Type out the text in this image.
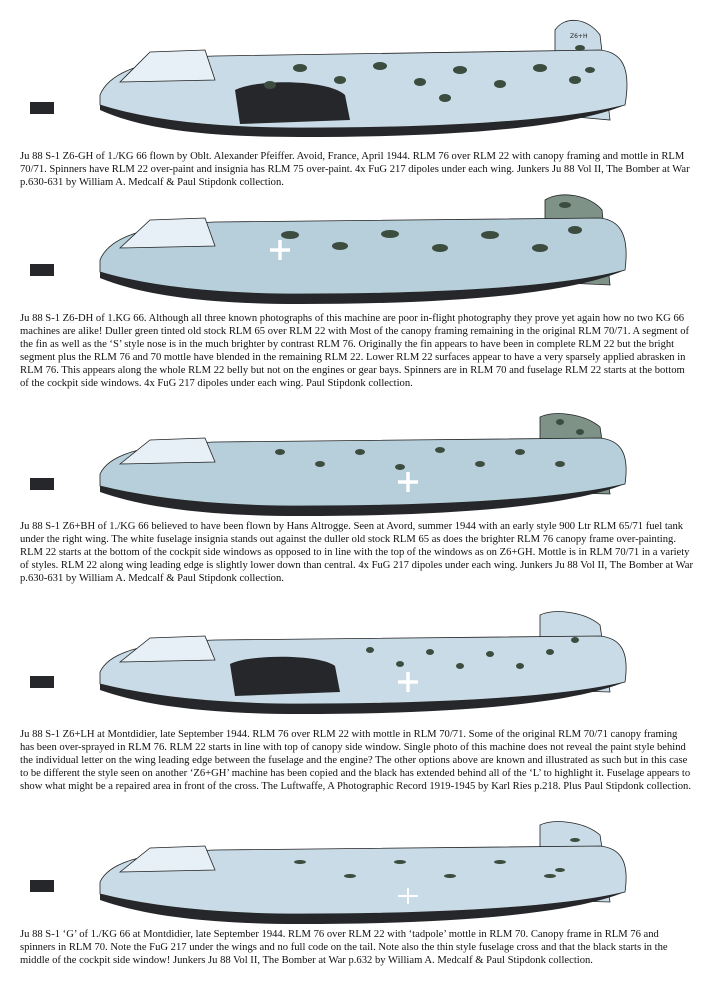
Z6+H

Ju 88 S-1 Z6-GH of 1./KG 66 flown by Oblt. Alexander Pfeiffer. Avoid, France, April 1944. RLM 76 over RLM 22 with canopy framing and mottle in RLM 70/71. Spinners have RLM 22 over-paint and insignia has RLM 75 over-paint. 4x FuG 217 dipoles under each wing. Junkers Ju 88 Vol II, The Bomber at War p.630-631 by William A. Medcalf & Paul Stipdonk collection.

Ju 88 S-1 Z6-DH of 1.KG 66. Although all three known photographs of this machine are poor in-flight photography they prove yet again how no two KG 66 machines are alike! Duller green tinted old stock RLM 65 over RLM 22 with Most of the canopy framing remaining in the original RLM 70/71. A segment of the fin as well as the ‘S’ style nose is in the much brighter by contrast RLM 76. Originally the fin appears to have been in complete RLM 22 but the bright segment plus the RLM 76 and 70 mottle have blended in the remaining RLM 22. Lower RLM 22 surfaces appear to have a very sparsely applied abrasken in RLM 76. This appears along the whole RLM 22 belly but not on the engines or gear bays. Spinners are in RLM 70 and fuselage RLM 22 starts at the bottom of the cockpit side windows. 4x FuG 217 dipoles under each wing. Paul Stipdonk collection.

Ju 88 S-1 Z6+BH of 1./KG 66 believed to have been flown by Hans Altrogge. Seen at Avord, summer 1944 with an early style 900 Ltr RLM 65/71 fuel tank under the right wing. The white fuselage insignia stands out against the duller old stock RLM 65 as does the brighter RLM 76 canopy frame over-painting. RLM 22 starts at the bottom of the cockpit side windows as opposed to in line with the top of the windows as on Z6+GH. Mottle is in RLM 70/71 in a variety of styles. RLM 22 along wing leading edge is slightly lower down than central. 4x FuG 217 dipoles under each wing. Junkers Ju 88 Vol II, The Bomber at War p.630-631 by William A. Medcalf & Paul Stipdonk collection.

Ju 88 S-1 Z6+LH at Montdidier, late September 1944. RLM 76 over RLM 22 with mottle in RLM 70/71. Some of the original RLM 70/71 canopy framing has been over-sprayed in RLM 76. RLM 22 starts in line with top of canopy side window. Single photo of this machine does not reveal the paint style behind the individual letter on the wing leading edge between the fuselage and the engine? The other options above are known and illustrated as such but in this case to be different the style seen on another ‘Z6+GH’ machine has been copied and the black has extended behind all of the ‘L’ to highlight it. Fuselage appears to show what might be a repaired area in front of the cross. The Luftwaffe, A Photographic Record 1919-1945 by Karl Ries p.218. Plus Paul Stipdonk collection.

Ju 88 S-1 ‘G’ of 1./KG 66 at Montdidier, late September 1944. RLM 76 over RLM 22 with ‘tadpole’ mottle in RLM 70. Canopy frame in RLM 76 and spinners in RLM 70. Note the FuG 217 under the wings and no full code on the tail. Note also the thin style fuselage cross and that the black starts in the middle of the cockpit side window! Junkers Ju 88 Vol II, The Bomber at War p.632 by William A. Medcalf & Paul Stipdonk collection.
